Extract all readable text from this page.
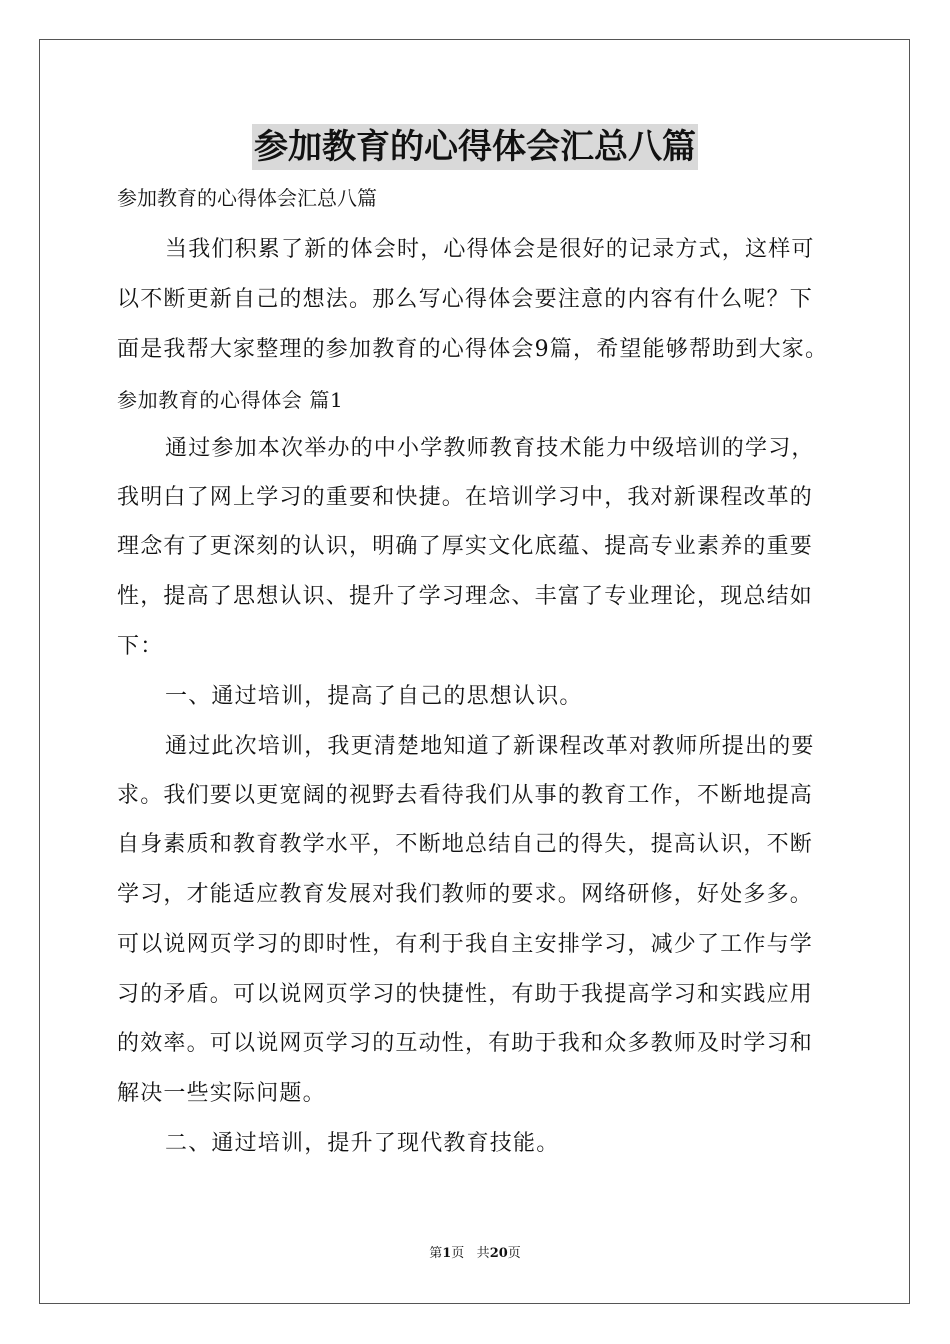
参加教育的心得体会汇总八篇
参加教育的心得体会汇总八篇
当我们积累了新的体会时，心得体会是很好的记录方式，这样可
以不断更新自己的想法。那么写心得体会要注意的内容有什么呢？下
面是我帮大家整理的参加教育的心得体会9篇，希望能够帮助到大家。
参加教育的心得体会 篇1
通过参加本次举办的中小学教师教育技术能力中级培训的学习，
我明白了网上学习的重要和快捷。在培训学习中，我对新课程改革的
理念有了更深刻的认识，明确了厚实文化底蕴、提高专业素养的重要
性，提高了思想认识、提升了学习理念、丰富了专业理论，现总结如
下：
一、通过培训，提高了自己的思想认识。
通过此次培训，我更清楚地知道了新课程改革对教师所提出的要
求。我们要以更宽阔的视野去看待我们从事的教育工作，不断地提高
自身素质和教育教学水平，不断地总结自己的得失，提高认识，不断
学习，才能适应教育发展对我们教师的要求。网络研修，好处多多。
可以说网页学习的即时性，有利于我自主安排学习，减少了工作与学
习的矛盾。可以说网页学习的快捷性，有助于我提高学习和实践应用
的效率。可以说网页学习的互动性，有助于我和众多教师及时学习和
解决一些实际问题。
二、通过培训，提升了现代教育技能。
第1页 共20页
